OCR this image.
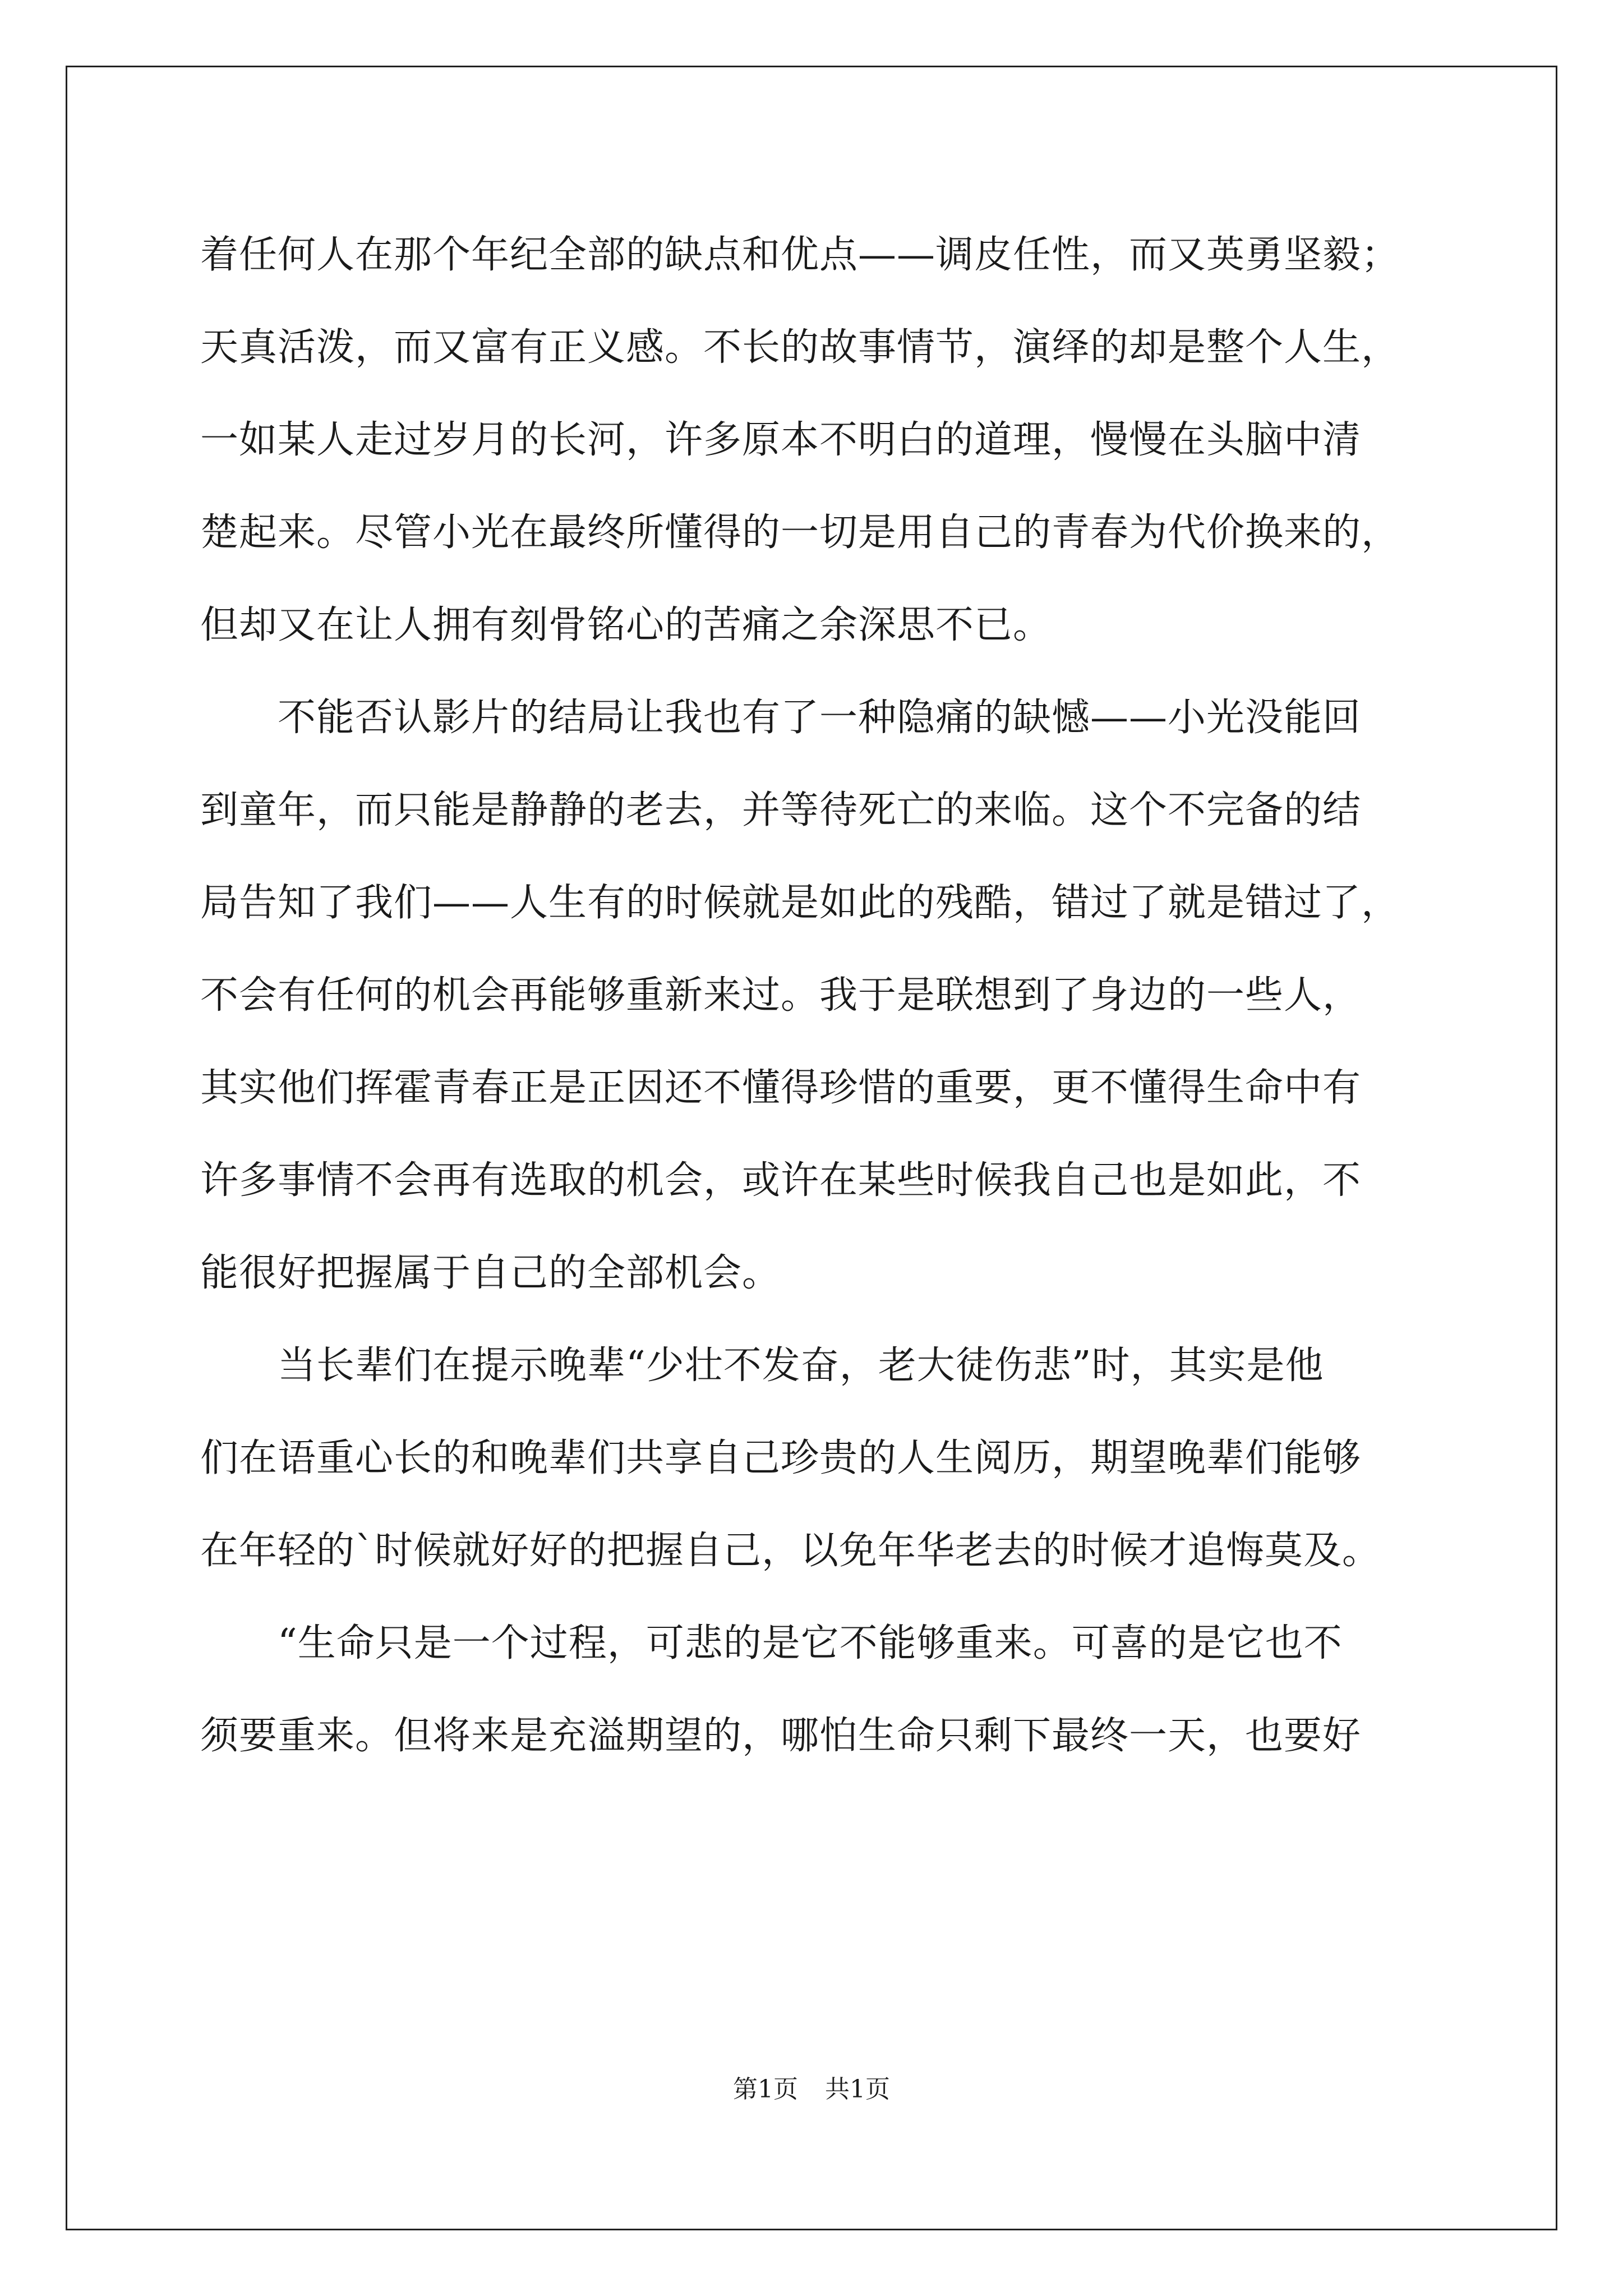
着任何人在那个年纪全部的缺点和优点——调皮任性，而又英勇坚毅；
天真活泼，而又富有正义感。不长的故事情节，演绎的却是整个人生，
一如某人走过岁月的长河，许多原本不明白的道理，慢慢在头脑中清
楚起来。尽管小光在最终所懂得的一切是用自己的青春为代价换来的，
但却又在让人拥有刻骨铭心的苦痛之余深思不已。
　　不能否认影片的结局让我也有了一种隐痛的缺憾——小光没能回
到童年，而只能是静静的老去，并等待死亡的来临。这个不完备的结
局告知了我们——人生有的时候就是如此的残酷，错过了就是错过了，
不会有任何的机会再能够重新来过。我于是联想到了身边的一些人，
其实他们挥霍青春正是正因还不懂得珍惜的重要，更不懂得生命中有
许多事情不会再有选取的机会，或许在某些时候我自己也是如此，不
能很好把握属于自己的全部机会。
　　当长辈们在提示晚辈“少壮不发奋，老大徒伤悲”时，其实是他
们在语重心长的和晚辈们共享自己珍贵的人生阅历，期望晚辈们能够
在年轻的`时候就好好的把握自己，以免年华老去的时候才追悔莫及。
　　“生命只是一个过程，可悲的是它不能够重来。可喜的是它也不
须要重来。但将来是充溢期望的，哪怕生命只剩下最终一天，也要好
第1页 共1页
